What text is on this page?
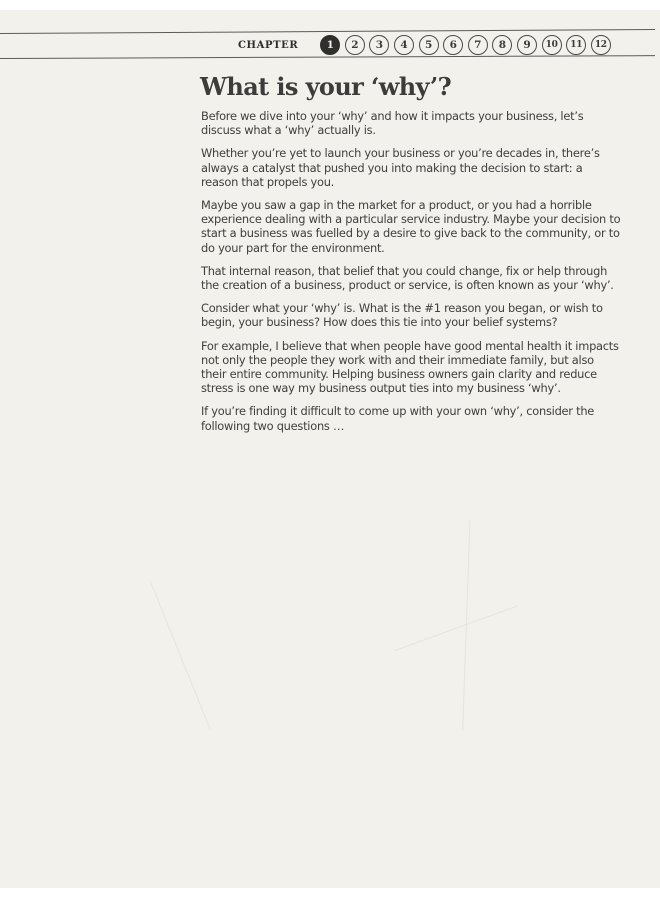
CHAPTER	1	2	3	4	5	6	7	8	9	10	11	12
What is your ‘why’?

Before we dive into your ‘why’ and how it impacts your business, let’s discuss what a ‘why’ actually is.

Whether you’re yet to launch your business or you’re decades in, there’s always a catalyst that pushed you into making the decision to start: a reason that propels you.

Maybe you saw a gap in the market for a product, or you had a horrible experience dealing with a particular service industry. Maybe your decision to start a business was fuelled by a desire to give back to the community, or to do your part for the environment.

That internal reason, that belief that you could change, fix or help through the creation of a business, product or service, is often known as your ‘why’.

Consider what your ‘why’ is. What is the #1 reason you began, or wish to begin, your business? How does this tie into your belief systems?

For example, I believe that when people have good mental health it impacts not only the people they work with and their immediate family, but also their entire community. Helping business owners gain clarity and reduce stress is one way my business output ties into my business ‘why’.

If you’re finding it difficult to come up with your own ‘why’, consider the following two questions …
